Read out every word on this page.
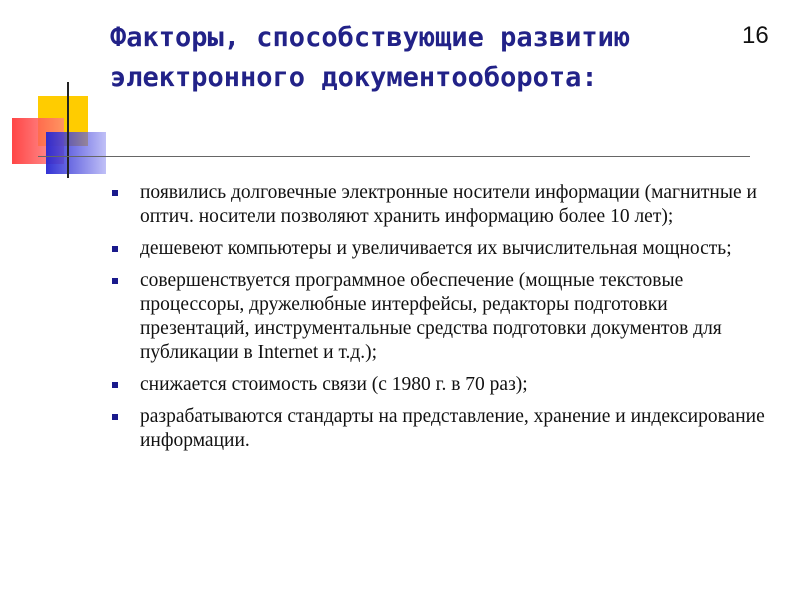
Факторы, способствующие развитию электронного документооборота:
16
появились долговечные электронные носители информации (магнитные и оптич. носители позволяют хранить информацию более 10 лет);
дешевеют компьютеры и увеличивается их вычислительная мощность;
совершенствуется программное обеспечение (мощные текстовые процессоры, дружелюбные интерфейсы, редакторы подготовки презентаций, инструментальные средства подготовки документов для публикации в Internet и т.д.);
снижается стоимость связи (с 1980 г. в 70 раз);
разрабатываются стандарты на представление, хранение и индексирование информации.
